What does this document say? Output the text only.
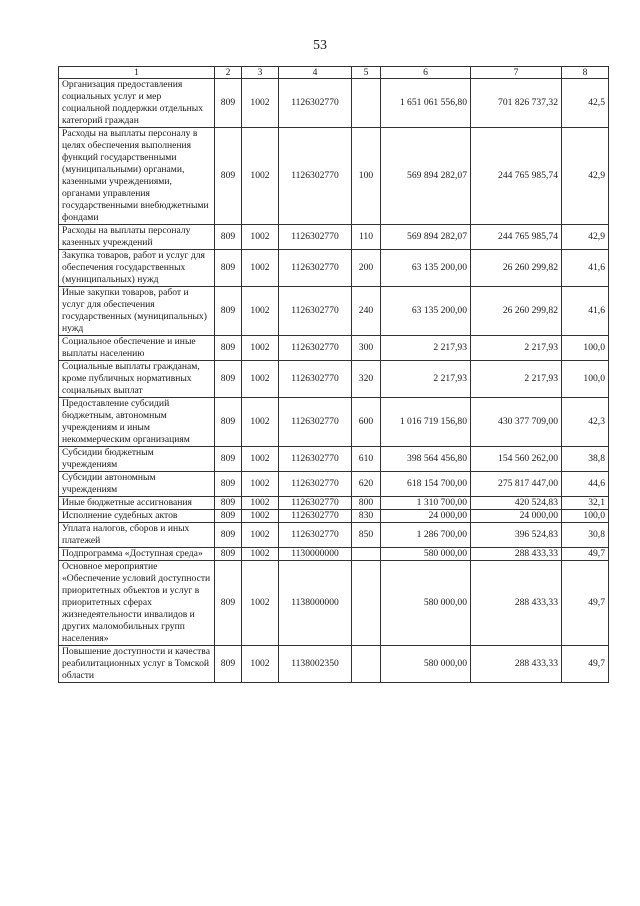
53
1	2	3	4	5	6	7	8
Организация предоставления социальных услуг и мер социальной поддержки отдельных категорий граждан	809	1002	1126302770		1 651 061 556,80	701 826 737,32	42,5
Расходы на выплаты персоналу в целях обеспечения выполнения функций государственными (муниципальными) органами, казенными учреждениями, органами управления государственными внебюджетными фондами	809	1002	1126302770	100	569 894 282,07	244 765 985,74	42,9
Расходы на выплаты персоналу казенных учреждений	809	1002	1126302770	110	569 894 282,07	244 765 985,74	42,9
Закупка товаров, работ и услуг для обеспечения государственных (муниципальных) нужд	809	1002	1126302770	200	63 135 200,00	26 260 299,82	41,6
Иные закупки товаров, работ и услуг для обеспечения государственных (муниципальных) нужд	809	1002	1126302770	240	63 135 200,00	26 260 299,82	41,6
Социальное обеспечение и иные выплаты населению	809	1002	1126302770	300	2 217,93	2 217,93	100,0
Социальные выплаты гражданам, кроме публичных нормативных социальных выплат	809	1002	1126302770	320	2 217,93	2 217,93	100,0
Предоставление субсидий бюджетным, автономным учреждениям и иным некоммерческим организациям	809	1002	1126302770	600	1 016 719 156,80	430 377 709,00	42,3
Субсидии бюджетным учреждениям	809	1002	1126302770	610	398 564 456,80	154 560 262,00	38,8
Субсидии автономным учреждениям	809	1002	1126302770	620	618 154 700,00	275 817 447,00	44,6
Иные бюджетные ассигнования	809	1002	1126302770	800	1 310 700,00	420 524,83	32,1
Исполнение судебных актов	809	1002	1126302770	830	24 000,00	24 000,00	100,0
Уплата налогов, сборов и иных платежей	809	1002	1126302770	850	1 286 700,00	396 524,83	30,8
Подпрограмма «Доступная среда»	809	1002	1130000000		580 000,00	288 433,33	49,7
Основное мероприятие «Обеспечение условий доступности приоритетных объектов и услуг в приоритетных сферах жизнедеятельности инвалидов и других маломобильных групп населения»	809	1002	1138000000		580 000,00	288 433,33	49,7
Повышение доступности и качества реабилитационных услуг в Томской области	809	1002	1138002350		580 000,00	288 433,33	49,7
